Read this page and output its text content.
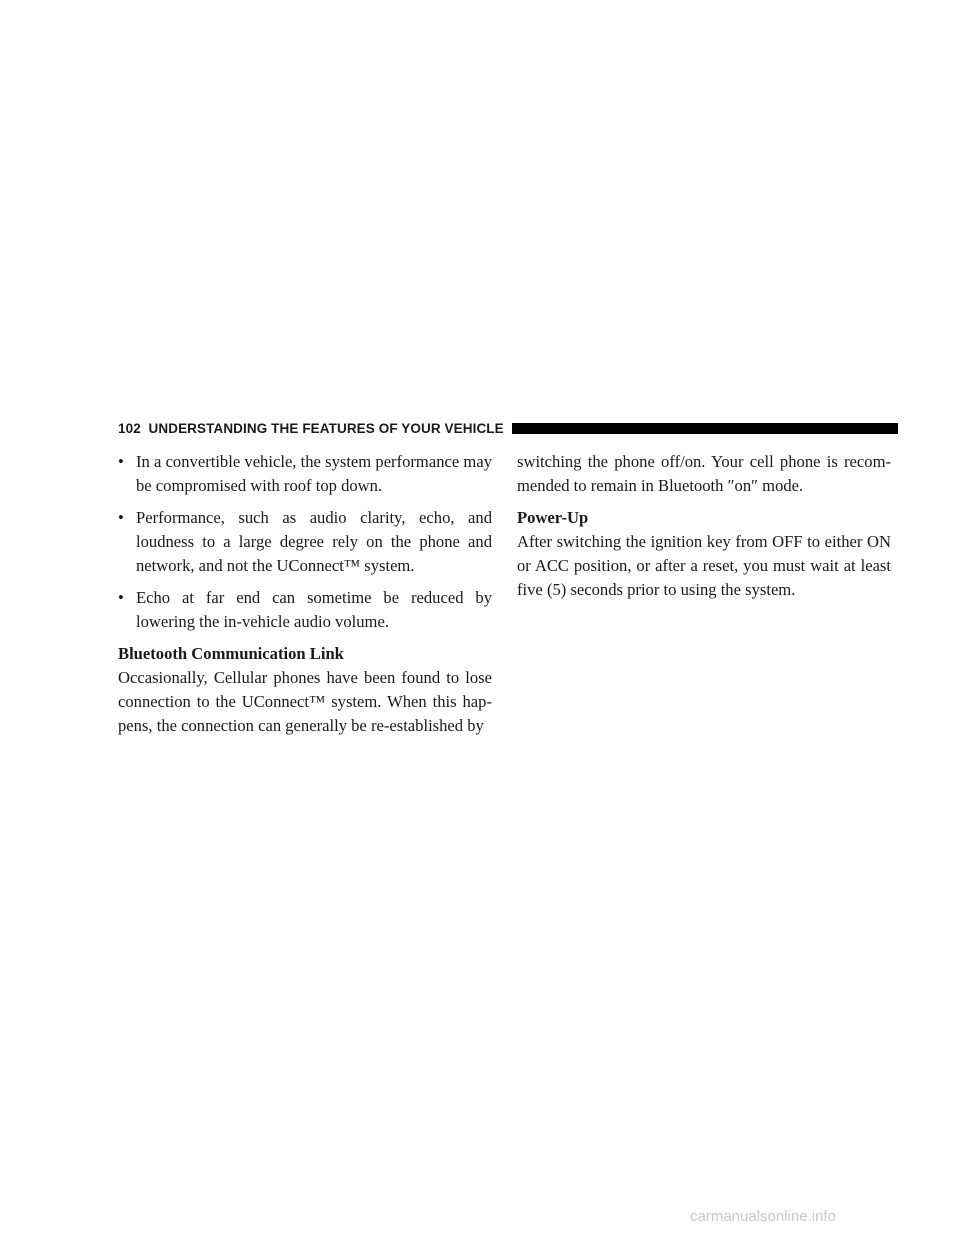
102 UNDERSTANDING THE FEATURES OF YOUR VEHICLE
• In a convertible vehicle, the system performance may be compromised with roof top down.
• Performance, such as audio clarity, echo, and loudness to a large degree rely on the phone and network, and not the UConnect™ system.
• Echo at far end can sometime be reduced by lowering the in-vehicle audio volume.
Bluetooth Communication Link

Occasionally, Cellular phones have been found to lose connection to the UConnect™ system. When this hap-pens, the connection can generally be re-established by

switching the phone off/on. Your cell phone is recom-mended to remain in Bluetooth ″on″ mode.

Power-Up

After switching the ignition key from OFF to either ON or ACC position, or after a reset, you must wait at least five (5) seconds prior to using the system.

carmanualsonline.info
